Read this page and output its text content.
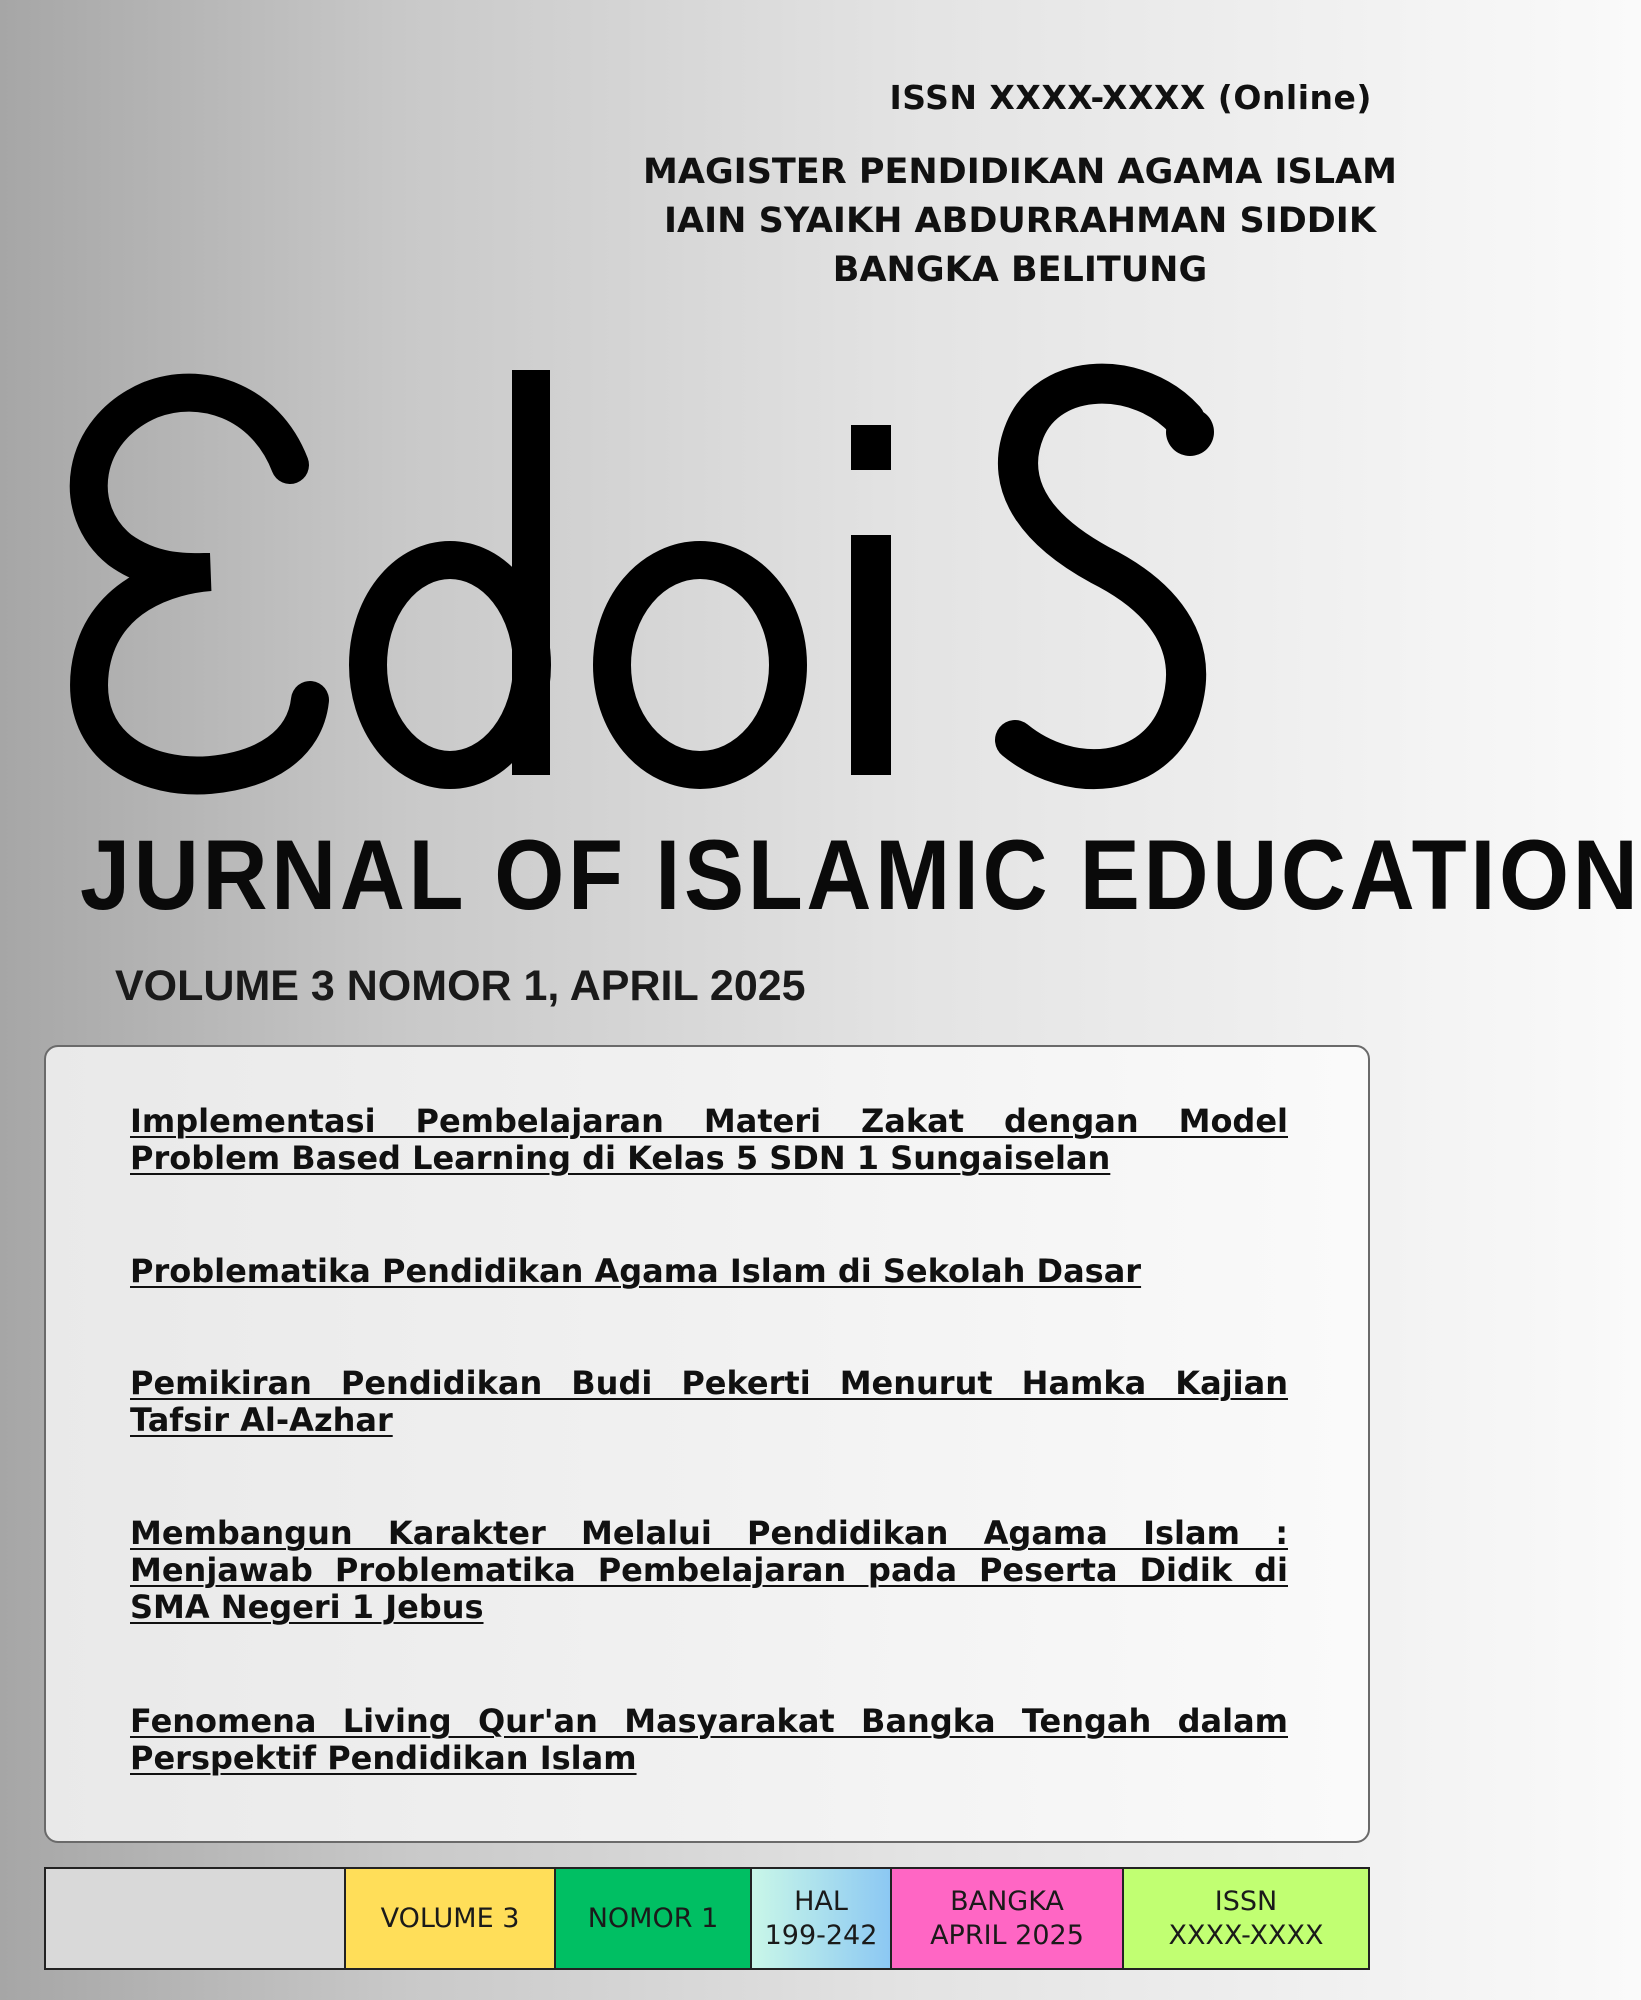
ISSN XXXX-XXXX (Online)
MAGISTER PENDIDIKAN AGAMA ISLAM
IAIN SYAIKH ABDURRAHMAN SIDDIK
BANGKA BELITUNG
JURNAL OF ISLAMIC EDUCATION
VOLUME 3 NOMOR 1, APRIL 2025
Implementasi Pembelajaran Materi Zakat dengan Model Problem Based Learning di Kelas 5 SDN 1 Sungaiselan
Problematika Pendidikan Agama Islam di Sekolah Dasar
Pemikiran Pendidikan Budi Pekerti Menurut Hamka Kajian Tafsir Al-Azhar
Membangun Karakter Melalui Pendidikan Agama Islam : Menjawab Problematika Pembelajaran pada Peserta Didik di SMA Negeri 1 Jebus
Fenomena Living Qur'an Masyarakat Bangka Tengah dalam Perspektif Pendidikan Islam
VOLUME 3	NOMOR 1
HAL
199-242
BANGKA
APRIL 2025
ISSN
XXXX-XXXX
